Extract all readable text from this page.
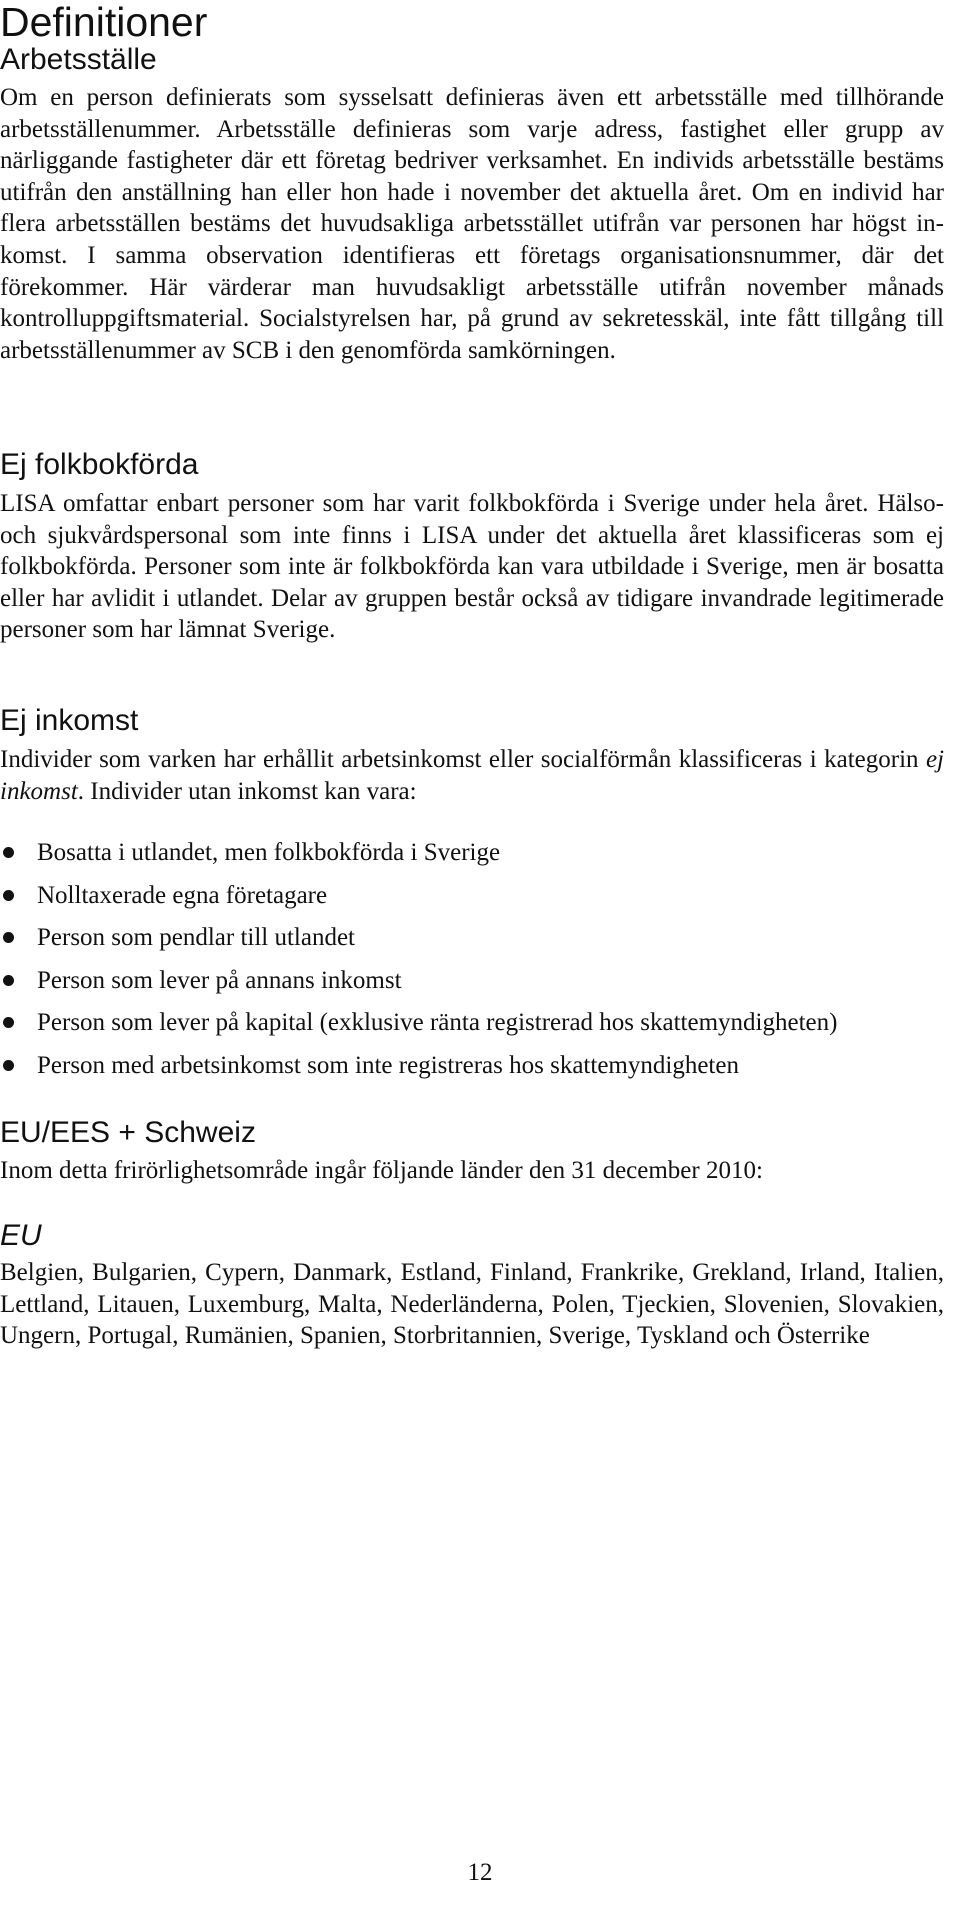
Definitioner
Arbetsställe

Om en person definierats som sysselsatt definieras även ett arbetsställe med tillhörande arbetsställenummer. Arbetsställe definieras som varje adress, fastighet eller grupp av närliggande fastigheter där ett företag bedriver verksamhet. En individs arbetsställe bestäms utifrån den anställning han eller hon hade i november det aktuella året. Om en individ har flera arbetsställen bestäms det huvudsakliga arbetsstället utifrån var personen har högst inkomst. I samma observation identifieras ett företags organisationsnummer, där det förekommer. Här värderar man huvudsakligt arbetsställe utifrån november månads kontrolluppgiftsmaterial. Socialstyrelsen har, på grund av sekretesskäl, inte fått tillgång till arbetsställenummer av SCB i den genomförda samkörningen.

Ej folkbokförda

LISA omfattar enbart personer som har varit folkbokförda i Sverige under hela året. Hälso- och sjukvårdspersonal som inte finns i LISA under det aktuella året klassificeras som ej folkbokförda. Personer som inte är folkbokförda kan vara utbildade i Sverige, men är bosatta eller har avlidit i utlandet. Delar av gruppen består också av tidigare invandrade legitimerade personer som har lämnat Sverige.

Ej inkomst

Individer som varken har erhållit arbetsinkomst eller socialförmån klassificeras i kategorin ej inkomst. Individer utan inkomst kan vara:

Bosatta i utlandet, men folkbokförda i Sverige
Nolltaxerade egna företagare
Person som pendlar till utlandet
Person som lever på annans inkomst
Person som lever på kapital (exklusive ränta registrerad hos skattemyndigheten)
Person med arbetsinkomst som inte registreras hos skattemyndigheten
EU/EES + Schweiz

Inom detta frirörlighetsområde ingår följande länder den 31 december 2010:

EU

Belgien, Bulgarien, Cypern, Danmark, Estland, Finland, Frankrike, Grekland, Irland, Italien, Lettland, Litauen, Luxemburg, Malta, Nederländerna, Polen, Tjeckien, Slovenien, Slovakien, Ungern, Portugal, Rumänien, Spanien, Storbritannien, Sverige, Tyskland och Österrike

12
